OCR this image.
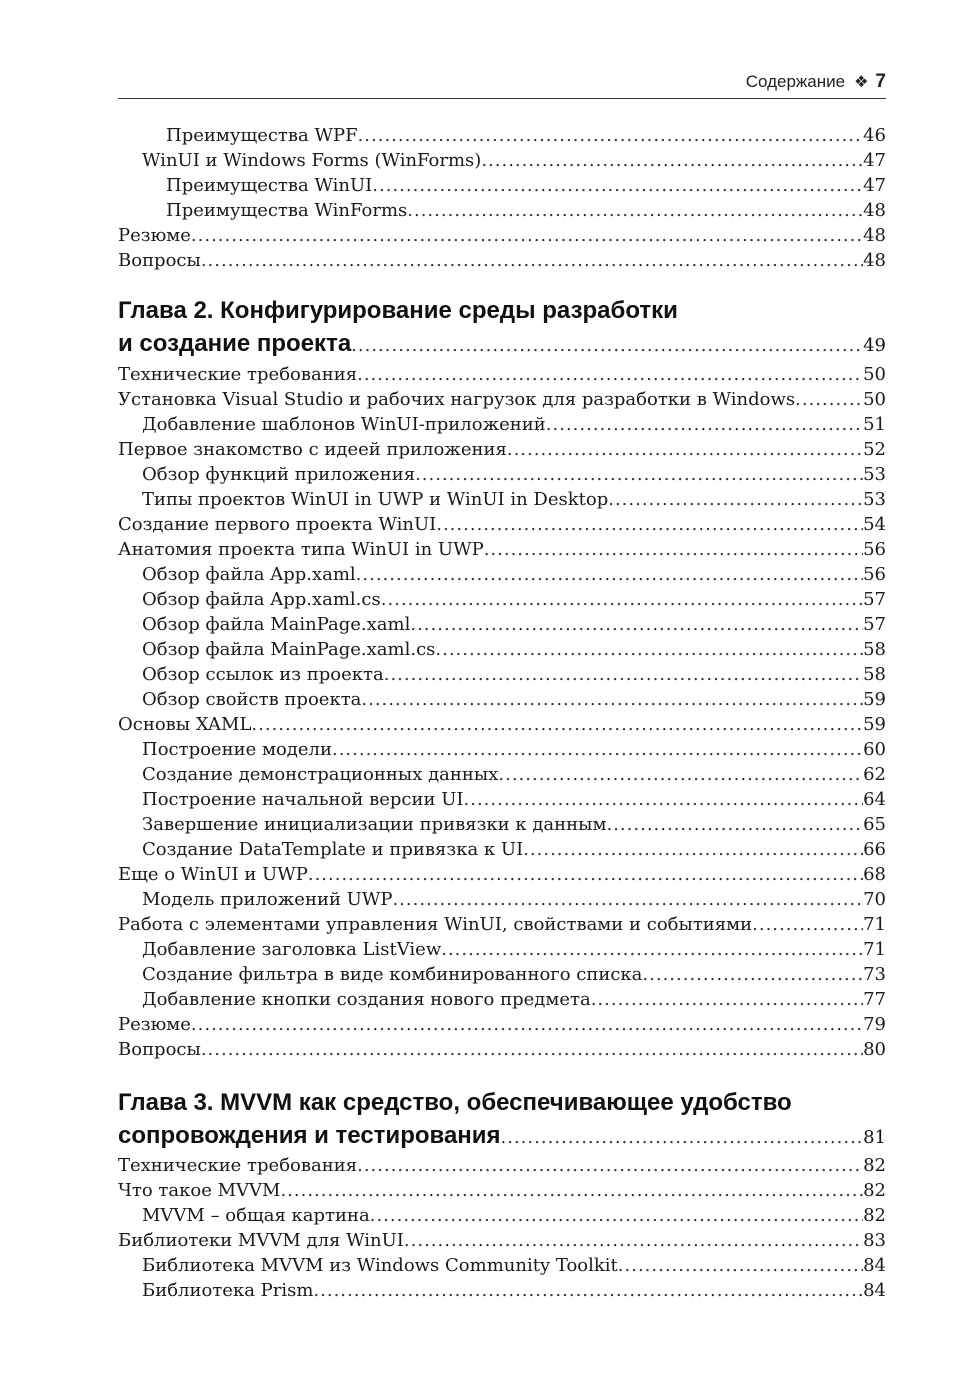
Содержание ❖ 7
Преимущества WPF .....	46
WinUI и Windows Forms (WinForms) .....	47
Преимущества WinUI .....	47
Преимущества WinForms .....	48
Резюме .....	48
Вопросы .....	48
Глава 2. Конфигурирование среды разработки
и создание проекта .....	49
Технические требования .....	50
Установка Visual Studio и рабочих нагрузок для разработки в Windows .....	50
Добавление шаблонов WinUI-приложений .....	51
Первое знакомство с идеей приложения .....	52
Обзор функций приложения .....	53
Типы проектов WinUI in UWP и WinUI in Desktop .....	53
Создание первого проекта WinUI .....	54
Анатомия проекта типа WinUI in UWP .....	56
Обзор файла App.xaml .....	56
Обзор файла App.xaml.cs .....	57
Обзор файла MainPage.xaml .....	57
Обзор файла MainPage.xaml.cs .....	58
Обзор ссылок из проекта .....	58
Обзор свойств проекта .....	59
Основы XAML .....	59
Построение модели .....	60
Создание демонстрационных данных .....	62
Построение начальной версии UI .....	64
Завершение инициализации привязки к данным .....	65
Создание DataTemplate и привязка к UI .....	66
Еще о WinUI и UWP .....	68
Модель приложений UWP .....	70
Работа с элементами управления WinUI, свойствами и событиями .....	71
Добавление заголовка ListView .....	71
Создание фильтра в виде комбинированного списка .....	73
Добавление кнопки создания нового предмета .....	77
Резюме .....	79
Вопросы .....	80
Глава 3. MVVM как средство, обеспечивающее удобство
сопровождения и тестирования .....	81
Технические требования .....	82
Что такое MVVM .....	82
MVVM – общая картина .....	82
Библиотеки MVVM для WinUI .....	83
Библиотека MVVM из Windows Community Toolkit .....	84
Библиотека Prism .....	84
